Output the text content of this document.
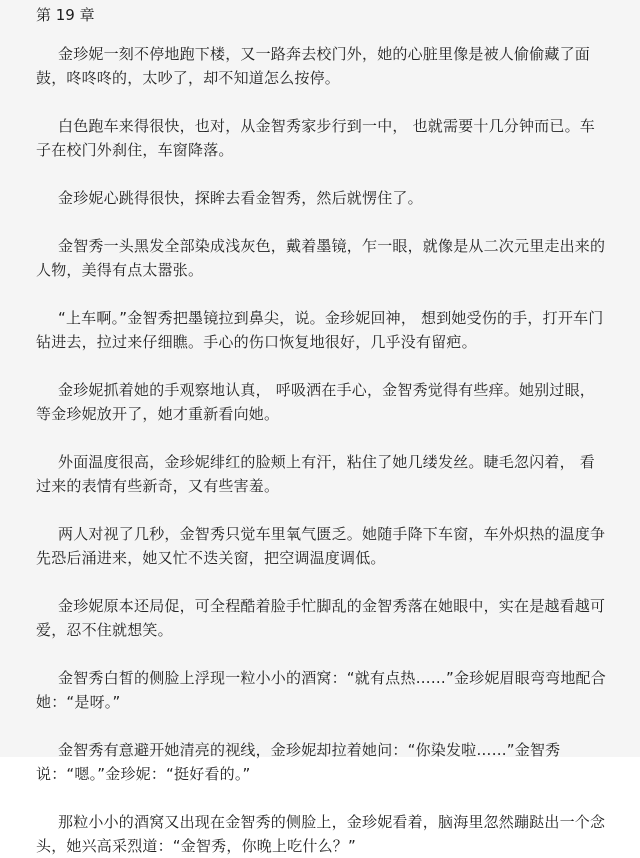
第 19 章

金珍妮一刻不停地跑下楼，又一路奔去校门外，她的心脏里像是被人偷偷藏了面鼓，咚咚咚的，太吵了，却不知道怎么按停。

白色跑车来得很快，也对，从金智秀家步行到一中， 也就需要十几分钟而已。车子在校门外刹住，车窗降落。

金珍妮心跳得很快，探眸去看金智秀，然后就愣住了。

金智秀一头黑发全部染成浅灰色，戴着墨镜，乍一眼，就像是从二次元里走出来的人物，美得有点太嚣张。

“上车啊。”金智秀把墨镜拉到鼻尖，说。金珍妮回神， 想到她受伤的手，打开车门钻进去，拉过来仔细瞧。手心的伤口恢复地很好，几乎没有留疤。

金珍妮抓着她的手观察地认真， 呼吸洒在手心，金智秀觉得有些痒。她别过眼，等金珍妮放开了，她才重新看向她。

外面温度很高，金珍妮绯红的脸颊上有汗，粘住了她几缕发丝。睫毛忽闪着， 看过来的表情有些新奇，又有些害羞。

两人对视了几秒，金智秀只觉车里氧气匮乏。她随手降下车窗，车外炽热的温度争先恐后涌进来，她又忙不迭关窗，把空调温度调低。

金珍妮原本还局促，可全程酷着脸手忙脚乱的金智秀落在她眼中，实在是越看越可爱，忍不住就想笑。

金智秀白皙的侧脸上浮现一粒小小的酒窝：“就有点热……”金珍妮眉眼弯弯地配合她：“是呀。”

金智秀有意避开她清亮的视线，金珍妮却拉着她问：“你染发啦……”金智秀说：“嗯。”金珍妮：“挺好看的。”

那粒小小的酒窝又出现在金智秀的侧脸上，金珍妮看着，脑海里忽然蹦跶出一个念头，她兴高采烈道：“金智秀，你晚上吃什么？”
